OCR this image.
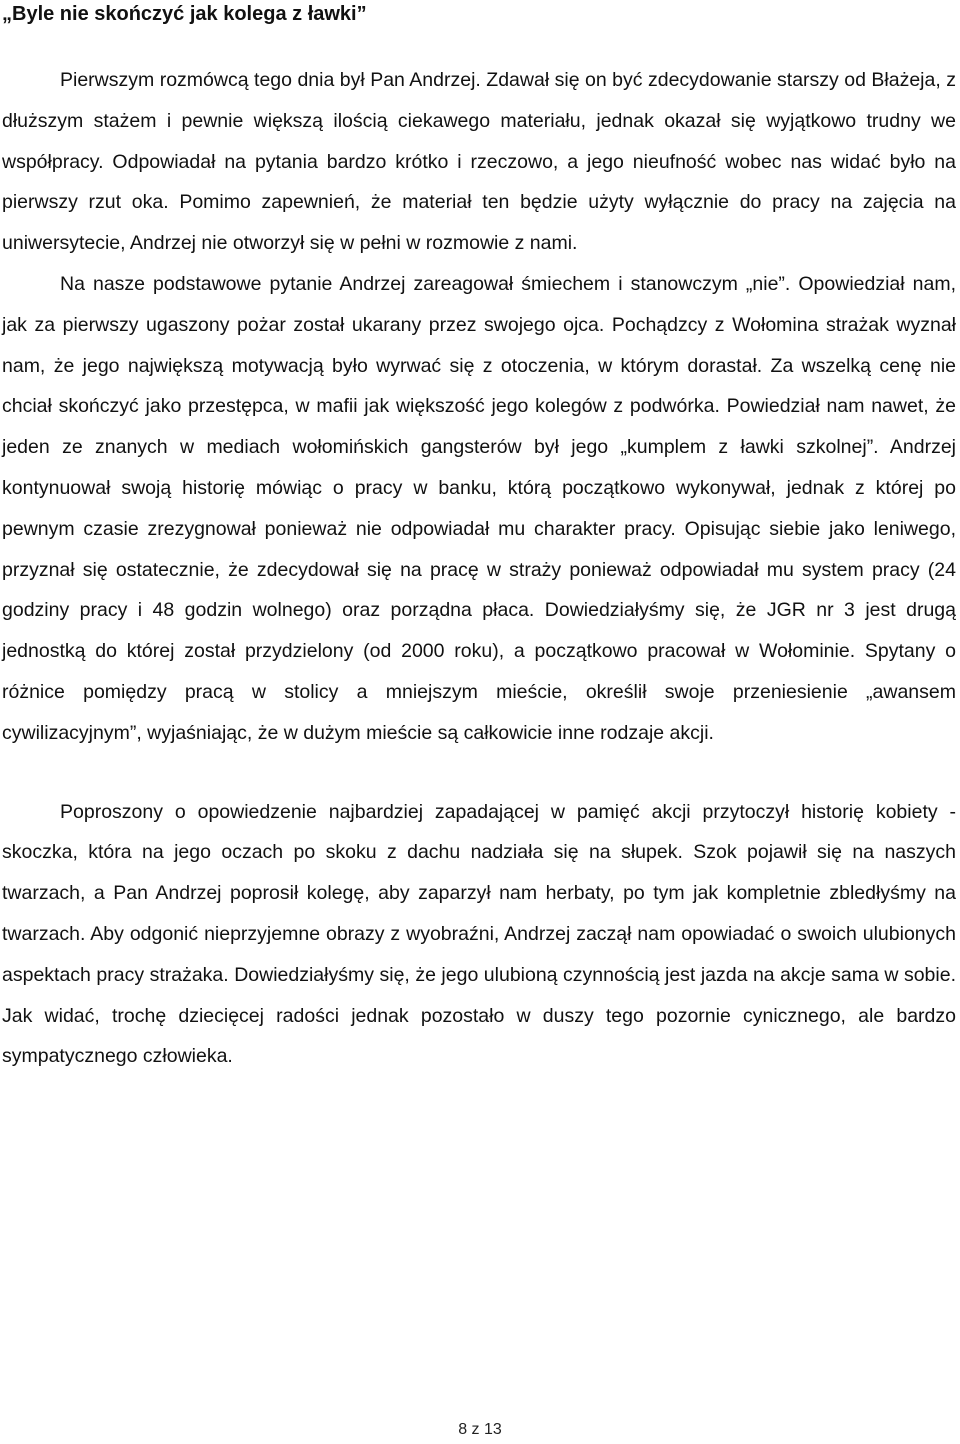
„Byle nie skończyć jak kolega z ławki”

Pierwszym rozmówcą tego dnia był Pan Andrzej. Zdawał się on być zdecydowanie starszy od Błażeja, z dłuższym stażem i pewnie większą ilością ciekawego materiału, jednak okazał się wyjątkowo trudny we współpracy. Odpowiadał na pytania bardzo krótko i rzeczowo, a jego nieufność wobec nas widać było na pierwszy rzut oka. Pomimo zapewnień, że materiał ten będzie użyty wyłącznie do pracy na zajęcia na uniwersytecie, Andrzej nie otworzył się w pełni w rozmowie z nami.

Na nasze podstawowe pytanie Andrzej zareagował śmiechem i stanowczym „nie”. Opowiedział nam, jak za pierwszy ugaszony pożar został ukarany przez swojego ojca. Pochądzcy z Wołomina strażak wyznał nam, że jego największą motywacją było wyrwać się z otoczenia, w którym dorastał. Za wszelką cenę nie chciał skończyć jako przestępca, w mafii jak większość jego kolegów z podwórka. Powiedział nam nawet, że jeden ze znanych w mediach wołomińskich gangsterów był jego „kumplem z ławki szkolnej”. Andrzej kontynuował swoją historię mówiąc o pracy w banku, którą początkowo wykonywał, jednak z której po pewnym czasie zrezygnował ponieważ nie odpowiadał mu charakter pracy. Opisując siebie jako leniwego, przyznał się ostatecznie, że zdecydował się na pracę w straży ponieważ odpowiadał mu system pracy (24 godziny pracy i 48 godzin wolnego) oraz porządna płaca. Dowiedziałyśmy się, że JGR nr 3 jest drugą jednostką do której został przydzielony (od 2000 roku), a początkowo pracował w Wołominie. Spytany o różnice pomiędzy pracą w stolicy a mniejszym mieście, określił swoje przeniesienie „awansem cywilizacyjnym”, wyjaśniając, że w dużym mieście są całkowicie inne rodzaje akcji.

Poproszony o opowiedzenie najbardziej zapadającej w pamięć akcji przytoczył historię kobiety - skoczka, która na jego oczach po skoku z dachu nadziała się na słupek. Szok pojawił się na naszych twarzach, a Pan Andrzej poprosił kolegę, aby zaparzył nam herbaty, po tym jak kompletnie zbledłyśmy na twarzach. Aby odgonić nieprzyjemne obrazy z wyobraźni, Andrzej zaczął nam opowiadać o swoich ulubionych aspektach pracy strażaka. Dowiedziałyśmy się, że jego ulubioną czynnością jest jazda na akcje sama w sobie. Jak widać, trochę dziecięcej radości jednak pozostało w duszy tego pozornie cynicznego, ale bardzo sympatycznego człowieka.

8 z 13
